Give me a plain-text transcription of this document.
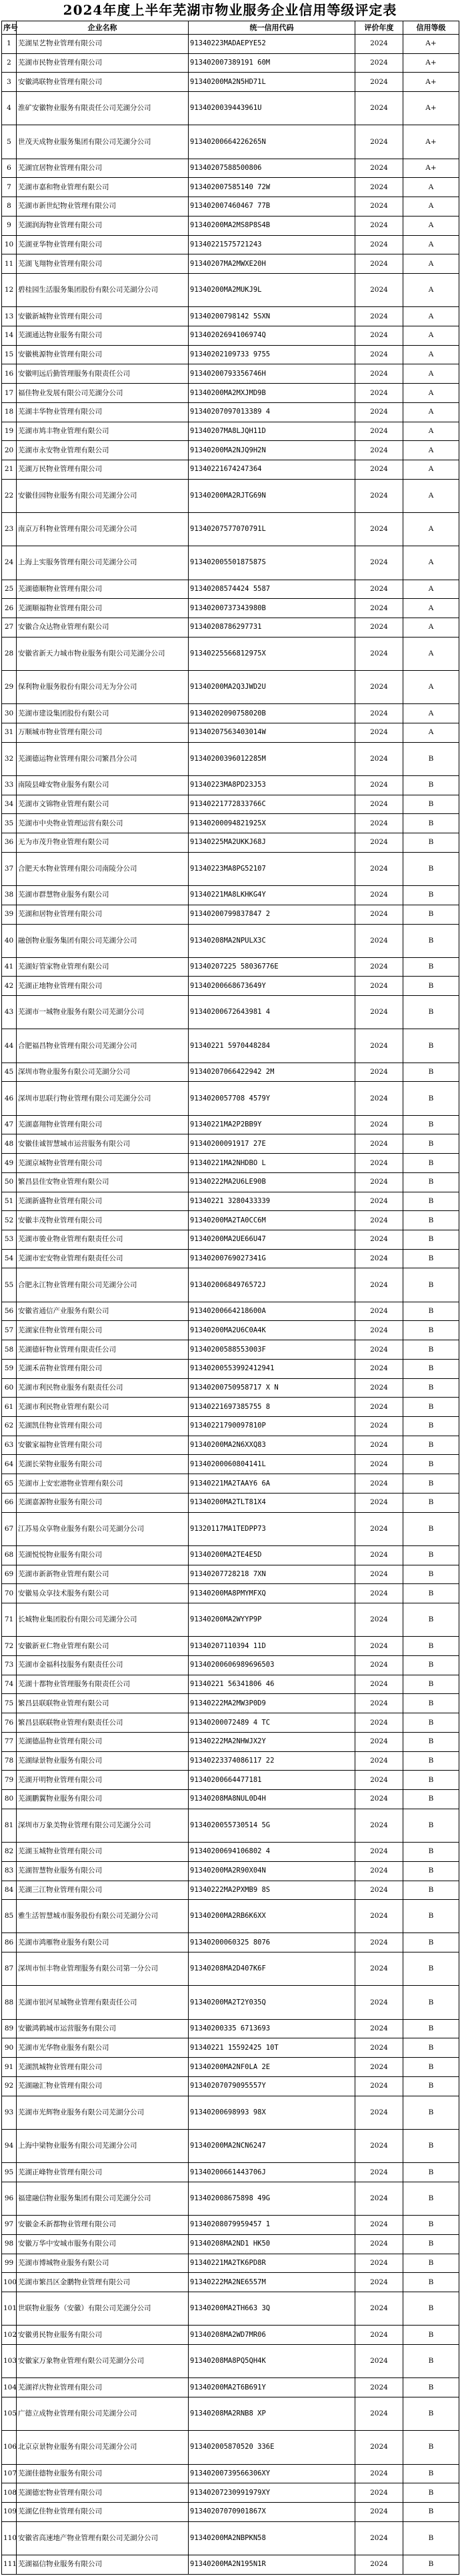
2024年度上半年芜湖市物业服务企业信用等级评定表
序号	企业名称	统一信用代码	评价年度	信用等级
1	芜湖星艺物业管理有限公司	91340223MADAEPYE52	2024	A+
2	芜湖市民物业管理有限公司	913402007389191 60M	2024	A+
3	安徽鸿联物业管理有限公司	91340200MA2N5HD71L	2024	A+
4	淮矿安徽物业服务有限责任公司芜湖分公司	9134020039443961U	2024	A+
5	世茂天成物业服务集团有限公司芜湖分公司	91340200664226265N	2024	A+
6	芜湖宜居物业管理有限公司	91340207588500806	2024	A+
7	芜湖市嘉和物业管理有限公司	913402007585140 72W	2024	A
8	芜湖市新世纪物业管理有限公司	913402007460467 77B	2024	A
9	芜湖润海物业管理有限公司	91340200MA2MS8P8S4B	2024	A
10	芜湖亚华物业管理有限公司	91340221575721243	2024	A
11	芜湖飞翔物业管理有限公司	91340207MA2MWXE20H	2024	A
12	碧桂园生活服务集团股份有限公司芜湖分公司	91340200MA2MUKJ9L	2024	A
13	安徽新城物业管理有限公司	91340200798142 5SXN	2024	A
14	芜湖通达物业服务有限公司	91340202694106974Q	2024	A
15	安徽桃源物业管理有限公司	91340202109733 9755	2024	A
16	安徽明远后勤管理服务有限责任公司	91340200793356746H	2024	A
17	福佳物业发展有限公司芜湖分公司	91340200MA2MXJMD9B	2024	A
18	芜湖丰华物业管理有限公司	91340207097013389 4	2024	A
19	芜湖市鸠丰物业管理有限公司	91340207MA8LJQH11D	2024	A
20	芜湖市永安物业管理有限公司	91340200MA2NJQ9H2N	2024	A
21	芜湖万民物业管理有限公司	91340221674247364	2024	A
22	安徽佳园物业服务有限公司芜湖分公司	91340200MA2RJTG69N	2024	A
23	南京万科物业管理有限公司芜湖分公司	91340207577070791L	2024	A
24	上海上实服务管理有限公司芜湖分公司	91340200550187587S	2024	A
25	芜湖德顺物业管理有限公司	91340208574424 5587	2024	A
26	芜湖顺福物业管理有限公司	91340200737343980B	2024	A
27	安徽合众达物业管理有限公司	91340208786297731	2024	A
28	安徽省新天力城市物业服务有限公司芜湖分公司	91340225566812975X	2024	A
29	保利物业服务股份有限公司无为分公司	91340200MA2Q3JWD2U	2024	A
30	芜湖市建设集团股份有限公司	91340202090758020B	2024	A
31	万顺城市物业管理有限公司	91340207563403014W	2024	A
32	芜湖德运物业管理有限公司繁昌分公司	91340200396012285M	2024	B
33	南陵县峰安物业服务有限公司	91340223MA8PD23J53	2024	B
34	芜湖市文锦物业管理有限公司	91340221772833766C	2024	B
35	芜湖市中央物业管理运营有限公司	91340200094821925X	2024	B
36	无为市茂升物业管理有限公司	91340225MA2UKKJ68J	2024	B
37	合肥天水物业管理有限公司南陵分公司	91340223MA8PG52107	2024	B
38	芜湖市群慧物业服务有限公司	91340221MA8LKHKG4Y	2024	B
39	芜湖和居物业管理有限公司	91340200799837847 2	2024	B
40	融创物业服务集团有限公司芜湖分公司	91340208MA2NPULX3C	2024	B
41	芜湖好管家物业管理有限公司	91340207225 58036776E	2024	B
42	芜湖正地物业管理有限公司	91340200668673649Y	2024	B
43	芜湖市一城物业服务有限公司芜湖分公司	91340200672643981 4	2024	B
44	合肥福昌物业管理有限公司芜湖分公司	91340221 5970448284	2024	B
45	深圳市物业服务有限公司芜湖分公司	91340207066422942 2M	2024	B
46	深圳市思联行物业管理有限公司芜湖分公司	9134020057708 4579Y	2024	B
47	芜湖嘉翔物业管理有限公司	91340221MA2P2BB9Y	2024	B
48	安徽佳诚智慧城市运营服务有限公司	91340200091917 27E	2024	B
49	芜湖京城物业管理有限公司	91340221MA2NHDBO L	2024	B
50	繁昌县佳安物业管理有限公司	91340222MA2U6LE90B	2024	B
51	芜湖新盛物业管理有限公司	91340221 3280433339	2024	B
52	安徽丰茂物业管理有限公司	91340200MA2TA0CC6M	2024	B
53	芜湖市骏业物业管理有限责任公司	91340200MA2UE66U47	2024	B
54	芜湖市宏安物业管理有限责任公司	91340200769027341G	2024	B
55	合肥永江物业管理有限公司芜湖分公司	91340200684976572J	2024	B
56	安徽省通信产业服务有限公司	91340200664218600A	2024	B
57	芜湖家佳物业管理有限公司	91340200MA2U6C0A4K	2024	B
58	芜湖德轩物业管理有限责任公司	91340200588553003F	2024	B
59	芜湖禾苗物业管理有限公司	91340200553992412941	2024	B
60	芜湖市利民物业服务有限责任公司	91340200750958717 X N	2024	B
61	芜湖市利民物业管理有限公司	91340221697385755 8	2024	B
62	芜湖凯佳物业管理有限公司	91340221790097810P	2024	B
63	安徽家福物业管理有限公司	91340200MA2N6XXQ83	2024	B
64	芜湖长荣物业服务有限公司	91340200060804141L	2024	B
65	芜湖市上安宏港物业管理有限公司	91340221MA2TAAY6 6A	2024	B
66	芜湖嘉源物业服务有限公司	91340200MA2TLT81X4	2024	B
67	江苏易众享物业服务有限公司芜湖分公司	91320117MA1TEDPP73	2024	B
68	芜湖悦悦物业服务有限公司	91340200MA2TE4E5D	2024	B
69	芜湖市新新物业管理有限公司	91340207728218 7XN	2024	B
70	安徽易众享技术服务有限公司	91340200MA8PMYMFXQ	2024	B
71	长城物业集团股份有限公司芜湖分公司	91340200MA2WYYP9P	2024	B
72	安徽新亚仁物业管理有限公司	91340207110394 11D	2024	B
73	芜湖市金福科技服务有限责任公司	91340200606989696503	2024	B
74	芜湖十都物业管理服务有限责任公司	91340221 56341806 46	2024	B
75	繁昌县联联物业管理有限公司	91340222MA2MW3P0D9	2024	B
76	繁昌县联联物业管理有限责任公司	91340200072489 4 TC	2024	B
77	芜湖德晶物业管理有限公司	91340222MA2NHWJX2Y	2024	B
78	芜湖绿景物业服务有限公司	91340223374086117 22	2024	B
79	芜湖开明物业管理有限公司	91340200664477181	2024	B
80	芜湖鹏翼物业服务有限公司	91340208MA8NUL0D4H	2024	B
81	深圳市万象美物业管理有限公司芜湖分公司	9134020055730514 5G	2024	B
82	芜湖玉城物业管理有限公司	91340200694106802 4	2024	B
83	芜湖智慧物业服务有限公司	91340200MA2R90X04N	2024	B
84	芜湖三江物业管理有限公司	91340222MA2PXMB9 8S	2024	B
85	雅生活智慧城市服务股份有限公司芜湖分公司	91340200MA2RB6K6XX	2024	B
86	芜湖市鸿雁物业服务有限公司	91340200060325 8076	2024	B
87	深圳市恒丰物业管理服务有限公司第一分公司	91340208MA2D407K6F	2024	B
88	芜湖市银河星城物业管理有限责任公司	91340200MA2T2Y035Q	2024	B
89	安徽鸿鹤城市运营服务有限公司	91340200335 6713693	2024	B
90	芜湖市光华物业服务有限公司	91340221 15592425 10T	2024	B
91	芜湖凯城物业管理有限公司	91340200MA2NF0LA 2E	2024	B
92	芜湖融汇物业管理有限公司	91340207079095557Y	2024	B
93	芜湖市光辉物业服务有限公司芜湖分公司	91340200698993 98X	2024	B
94	上海中梁物业服务有限公司芜湖分公司	91340200MA2NCN6247	2024	B
95	芜湖正峰物业管理有限公司	91340200661443706J	2024	B
96	福建融信物业服务集团有限公司芜湖分公司	913402008675898 49G	2024	B
97	安徽金禾新都物业管理有限公司	91340208079959457 1	2024	B
98	安徽万华中安城市服务有限公司	91340208MA2ND1 HK50	2024	B
99	芜湖市博城物业服务有限公司	91340221MA2TK6PD8R	2024	B
100	芜湖市繁昌区金鹏物业管理有限公司	91340222MA2NE6557M	2024	B
101	世联物业服务（安徽）有限公司芜湖分公司	91340200MA2TH663 3Q	2024	B
102	安徽勇民物业服务有限公司	91340208MA2WD7MR06	2024	B
103	安徽家万象物业管理有限公司芜湖分公司	91340208MA8PQ5QH4K	2024	B
104	芜湖祥庆物业管理有限公司	91340200MA2T6B691Y	2024	B
105	广德立成物业管理有限公司芜湖分公司	91340208MA2RNB8 XP	2024	B
106	北京京景物业服务有限公司芜湖分公司	913402005870520 336E	2024	B
107	芜湖佳德物业服务有限公司	91340200739566306XY	2024	B
108	芜湖德宏物业管理有限公司	91340207230991979XY	2024	B
109	芜湖亿佳物业管理有限公司	91340207070901867X	2024	B
110	安徽省高速地产物业管理有限公司芜湖分公司	91340200MA2NBPKN58	2024	B
111	芜湖福信物业服务有限公司	91340200MA2N195N1R	2024	B
